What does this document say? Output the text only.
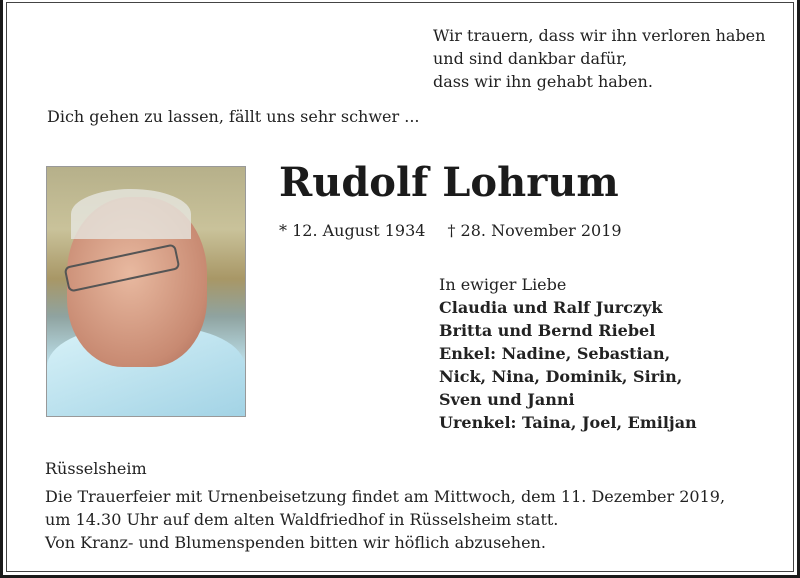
Wir trauern, dass wir ihn verloren haben
und sind dankbar dafür,
dass wir ihn gehabt haben.
Dich gehen zu lassen, fällt uns sehr schwer ...
Rudolf Lohrum
* 12. August 1934 † 28. November 2019
In ewiger Liebe
Claudia und Ralf Jurczyk
Britta und Bernd Riebel
Enkel: Nadine, Sebastian,
Nick, Nina, Dominik, Sirin,
Sven und Janni
Urenkel: Taina, Joel, Emiljan
Rüsselsheim
Die Trauerfeier mit Urnenbeisetzung findet am Mittwoch, dem 11. Dezember 2019,
um 14.30 Uhr auf dem alten Waldfriedhof in Rüsselsheim statt.
Von Kranz- und Blumenspenden bitten wir höflich abzusehen.
